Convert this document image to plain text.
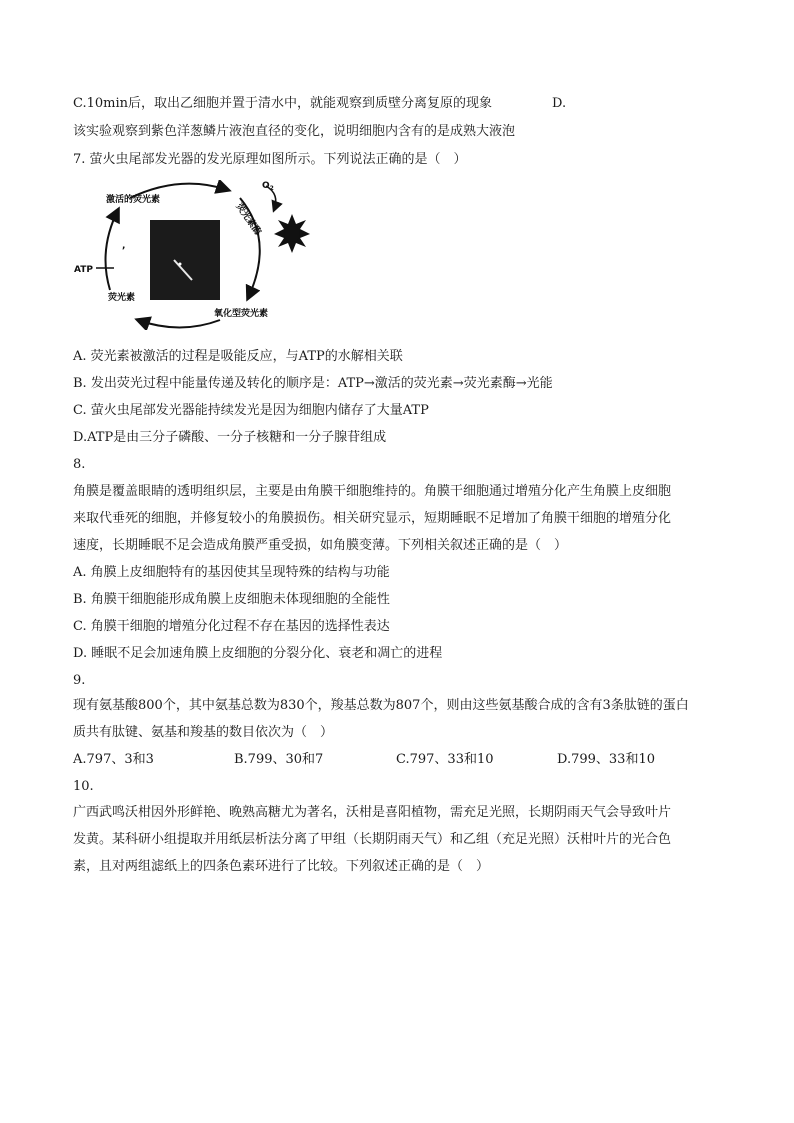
C.10min后，取出乙细胞并置于清水中，就能观察到质壁分离复原的现象	D.
该实验观察到紫色洋葱鳞片液泡直径的变化，说明细胞内含有的是成熟大液泡
7. 萤火虫尾部发光器的发光原理如图所示。下列说法正确的是（　）
激活的荧光素
荧光素酶
$O_2$
ATP
,
荧光素
氧化型荧光素
A. 荧光素被激活的过程是吸能反应，与ATP的水解相关联
B. 发出荧光过程中能量传递及转化的顺序是：ATP→激活的荧光素→荧光素酶→光能
C. 萤火虫尾部发光器能持续发光是因为细胞内储存了大量ATP
D.ATP是由三分子磷酸、一分子核糖和一分子腺苷组成
8.
角膜是覆盖眼睛的透明组织层，主要是由角膜干细胞维持的。角膜干细胞通过增殖分化产生角膜上皮细胞
来取代垂死的细胞，并修复较小的角膜损伤。相关研究显示，短期睡眠不足增加了角膜干细胞的增殖分化
速度，长期睡眠不足会造成角膜严重受损，如角膜变薄。下列相关叙述正确的是（　）
A. 角膜上皮细胞特有的基因使其呈现特殊的结构与功能
B. 角膜干细胞能形成角膜上皮细胞未体现细胞的全能性
C. 角膜干细胞的增殖分化过程不存在基因的选择性表达
D. 睡眠不足会加速角膜上皮细胞的分裂分化、衰老和凋亡的进程
9.
现有氨基酸800个，其中氨基总数为830个，羧基总数为807个，则由这些氨基酸合成的含有3条肽链的蛋白
质共有肽键、氨基和羧基的数目依次为（　）
A.797、3和3	B.799、30和7	C.797、33和10	D.799、33和10
10.
广西武鸣沃柑因外形鲜艳、晚熟高糖尤为著名，沃柑是喜阳植物，需充足光照，长期阴雨天气会导致叶片
发黄。某科研小组提取并用纸层析法分离了甲组（长期阴雨天气）和乙组（充足光照）沃柑叶片的光合色
素，且对两组滤纸上的四条色素环进行了比较。下列叙述正确的是（　）
